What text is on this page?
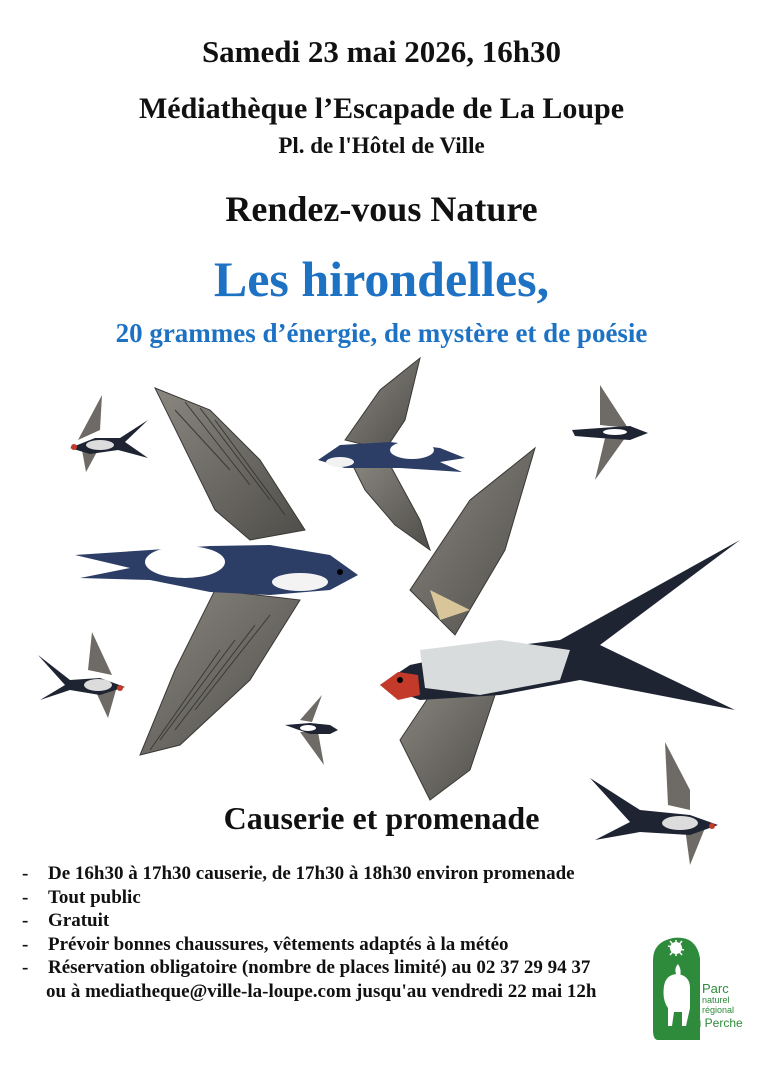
Samedi 23 mai 2026, 16h30
Médiathèque l’Escapade de La Loupe
Pl. de l'Hôtel de Ville
Rendez-vous Nature
Les hirondelles,
20 grammes d’énergie, de mystère et de poésie
Causerie et promenade
- De 16h30 à 17h30 causerie, de 17h30 à 18h30 environ promenade
- Tout public
- Gratuit
- Prévoir bonnes chaussures, vêtements adaptés à la météo
- Réservation obligatoire (nombre de places limité) au 02 37 29 94 37
ou à mediatheque@ville-la-loupe.com jusqu'au vendredi 22 mai 12h	Parc
naturel
régional
du Perche
